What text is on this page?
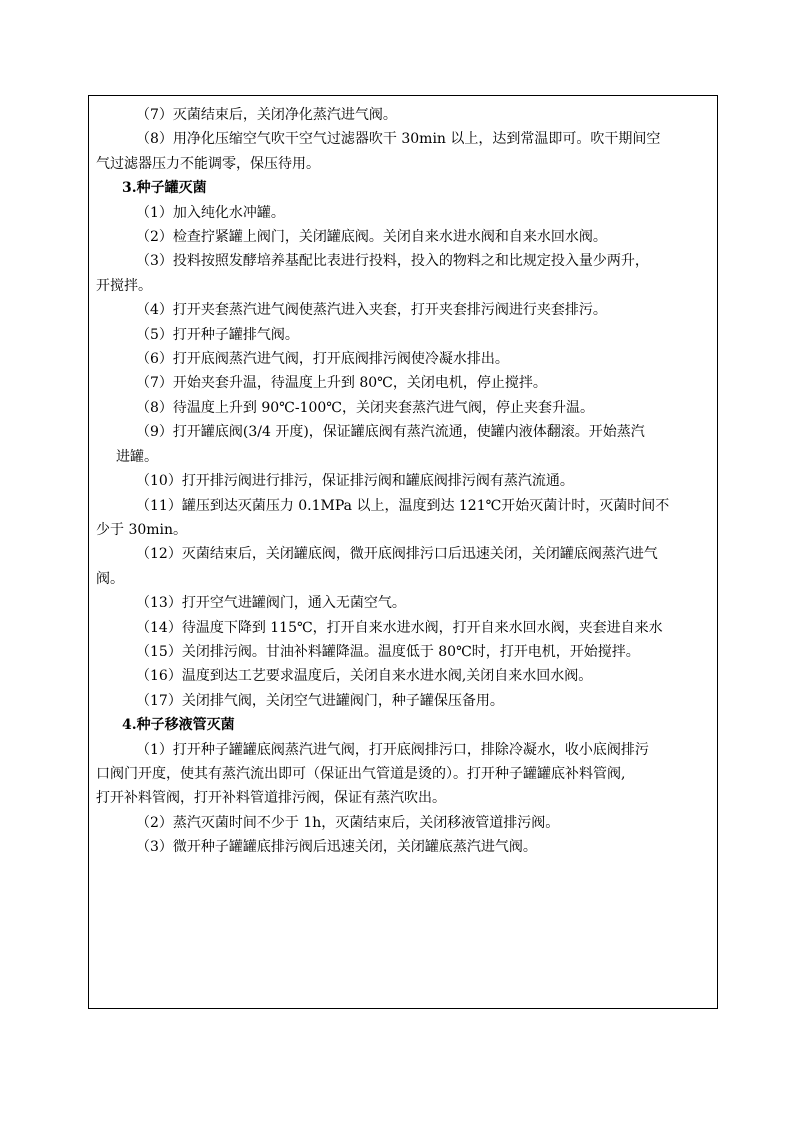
（7）灭菌结束后，关闭净化蒸汽进气阀。
（8）用净化压缩空气吹干空气过滤器吹干 30min 以上，达到常温即可。吹干期间空
气过滤器压力不能调零，保压待用。
3.种子罐灭菌
（1）加入纯化水冲罐。
（2）检查拧紧罐上阀门，关闭罐底阀。关闭自来水进水阀和自来水回水阀。
（3）投料按照发酵培养基配比表进行投料，投入的物料之和比规定投入量少两升，
开搅拌。
（4）打开夹套蒸汽进气阀使蒸汽进入夹套，打开夹套排污阀进行夹套排污。
（5）打开种子罐排气阀。
（6）打开底阀蒸汽进气阀，打开底阀排污阀使冷凝水排出。
（7）开始夹套升温，待温度上升到 80℃，关闭电机，停止搅拌。
（8）待温度上升到 90℃-100℃，关闭夹套蒸汽进气阀，停止夹套升温。
（9）打开罐底阀(3/4 开度)，保证罐底阀有蒸汽流通，使罐内液体翻滚。开始蒸汽
进罐。
（10）打开排污阀进行排污，保证排污阀和罐底阀排污阀有蒸汽流通。
（11）罐压到达灭菌压力 0.1MPa 以上，温度到达 121℃开始灭菌计时，灭菌时间不
少于 30min。
（12）灭菌结束后，关闭罐底阀，微开底阀排污口后迅速关闭，关闭罐底阀蒸汽进气
阀。
（13）打开空气进罐阀门，通入无菌空气。
（14）待温度下降到 115℃，打开自来水进水阀，打开自来水回水阀，夹套进自来水
（15）关闭排污阀。甘油补料罐降温。温度低于 80℃时，打开电机，开始搅拌。
（16）温度到达工艺要求温度后，关闭自来水进水阀,关闭自来水回水阀。
（17）关闭排气阀，关闭空气进罐阀门，种子罐保压备用。
4.种子移液管灭菌
（1）打开种子罐罐底阀蒸汽进气阀，打开底阀排污口，排除冷凝水，收小底阀排污
口阀门开度，使其有蒸汽流出即可（保证出气管道是烫的）。打开种子罐罐底补料管阀,
打开补料管阀，打开补料管道排污阀，保证有蒸汽吹出。
（2）蒸汽灭菌时间不少于 1h，灭菌结束后，关闭移液管道排污阀。
（3）微开种子罐罐底排污阀后迅速关闭，关闭罐底蒸汽进气阀。
